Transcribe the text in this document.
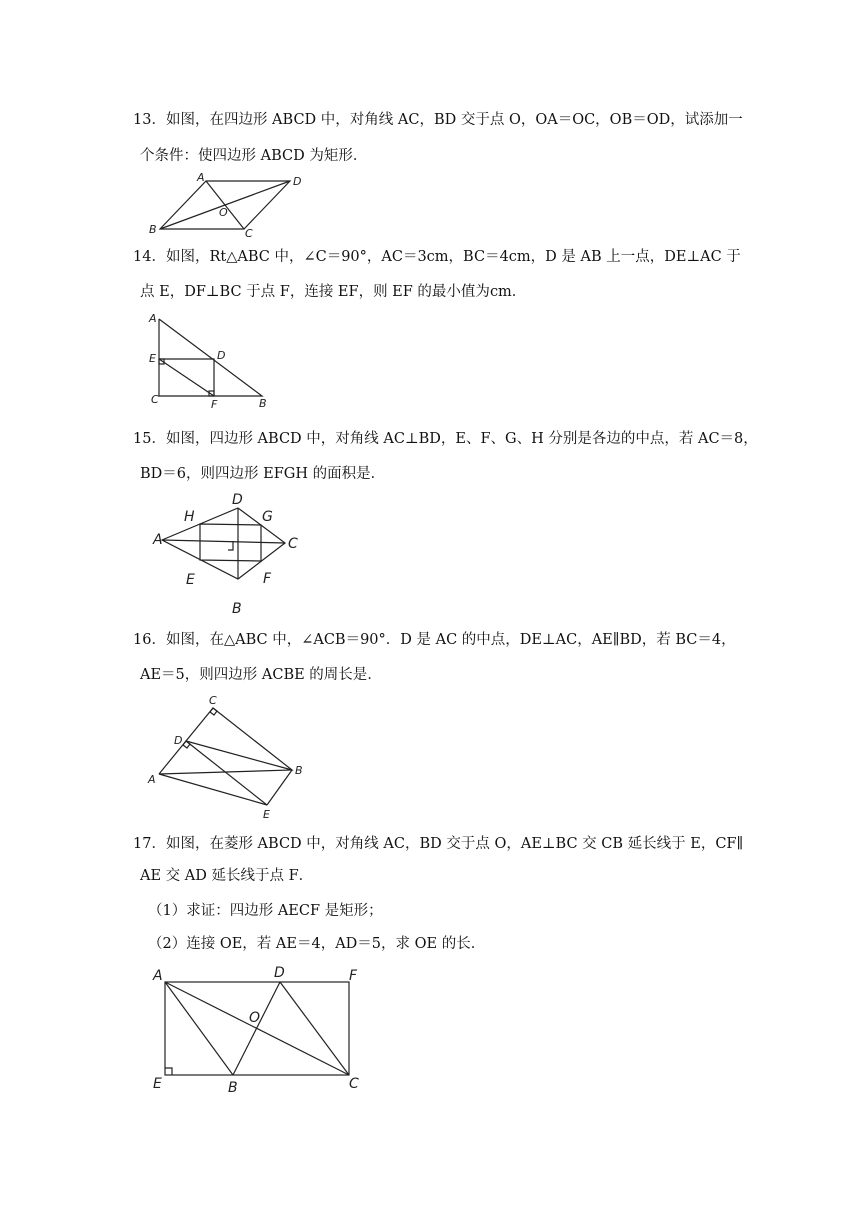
13．如图，在四边形 ABCD 中，对角线 AC，BD 交于点 O，OA＝OC，OB＝OD，试添加一
个条件：使四边形 ABCD 为矩形．
A	D
O
B	C
14．如图，Rt△ABC 中，∠C＝90°，AC＝3cm，BC＝4cm，D 是 AB 上一点，DE⊥AC 于
点 E，DF⊥BC 于点 F，连接 EF，则 EF 的最小值为cm．
A
E	D
C	F	B
15．如图，四边形 ABCD 中，对角线 AC⊥BD，E、F、G、H 分别是各边的中点，若 AC＝8，
BD＝6，则四边形 EFGH 的面积是．
A
D
H	G
C
E	F
B
16．如图，在△ABC 中，∠ACB＝90°．D 是 AC 的中点，DE⊥AC，AE∥BD，若 BC＝4，
AE＝5，则四边形 ACBE 的周长是．
C
D
A
B
E
17．如图，在菱形 ABCD 中，对角线 AC，BD 交于点 O，AE⊥BC 交 CB 延长线于 E，CF∥
AE 交 AD 延长线于点 F．
（1）求证：四边形 AECF 是矩形；
（2）连接 OE，若 AE＝4，AD＝5，求 OE 的长．
A	D	F
O
E	B	C
